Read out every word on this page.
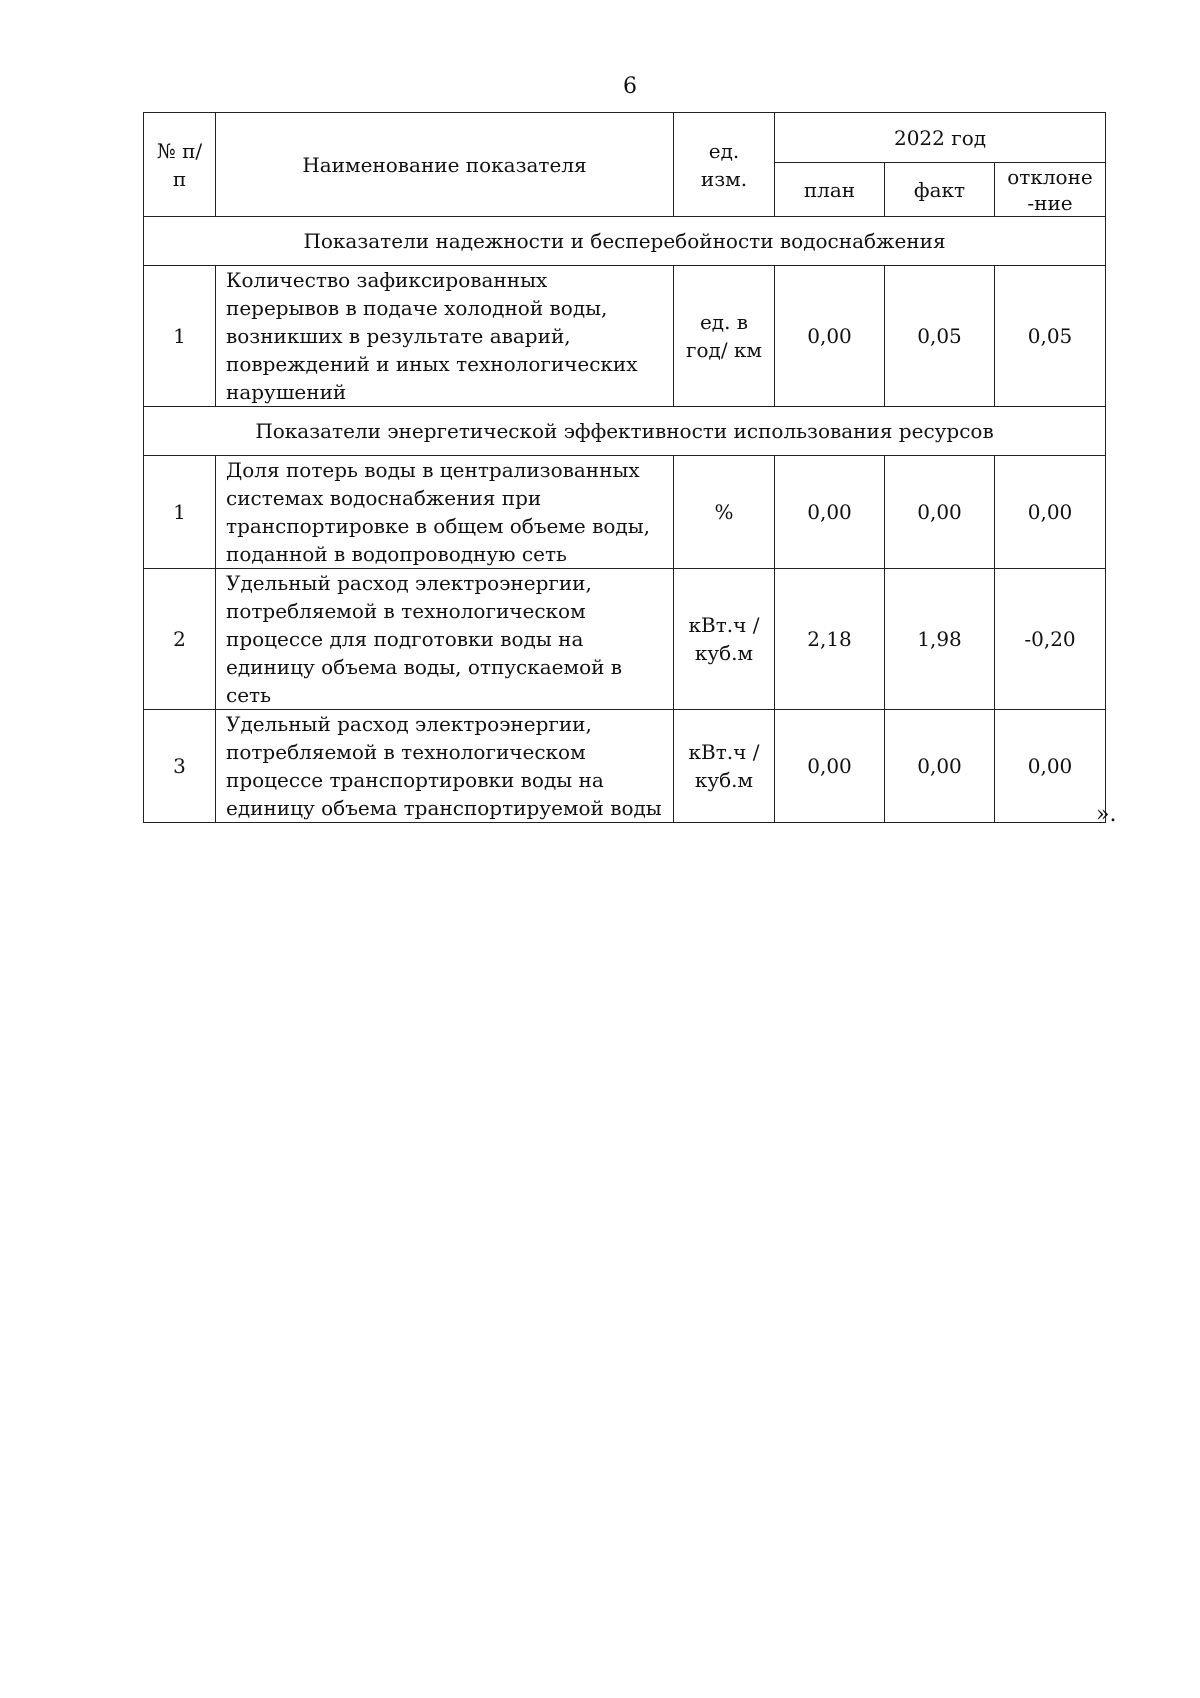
6
№ п/п	Наименование показателя	ед. изм.	2022 год		
			план	факт	отклоне -ние
Показатели надежности и бесперебойности водоснабжения					
1	Количество зафиксированных перерывов в подаче холодной воды, возникших в результате аварий, повреждений и иных технологических нарушений	ед. в год/ км	0,00	0,05	0,05
Показатели энергетической эффективности использования ресурсов					
1	Доля потерь воды в централизованных системах водоснабжения при транспортировке в общем объеме воды, поданной в водопроводную сеть	%	0,00	0,00	0,00
2	Удельный расход электроэнергии, потребляемой в технологическом процессе для подготовки воды на единицу объема воды, отпускаемой в сеть	кВт.ч / куб.м	2,18	1,98	-0,20
3	Удельный расход электроэнергии, потребляемой в технологическом процессе транспортировки воды на единицу объема транспортируемой воды	кВт.ч / куб.м	0,00	0,00	0,00
».
